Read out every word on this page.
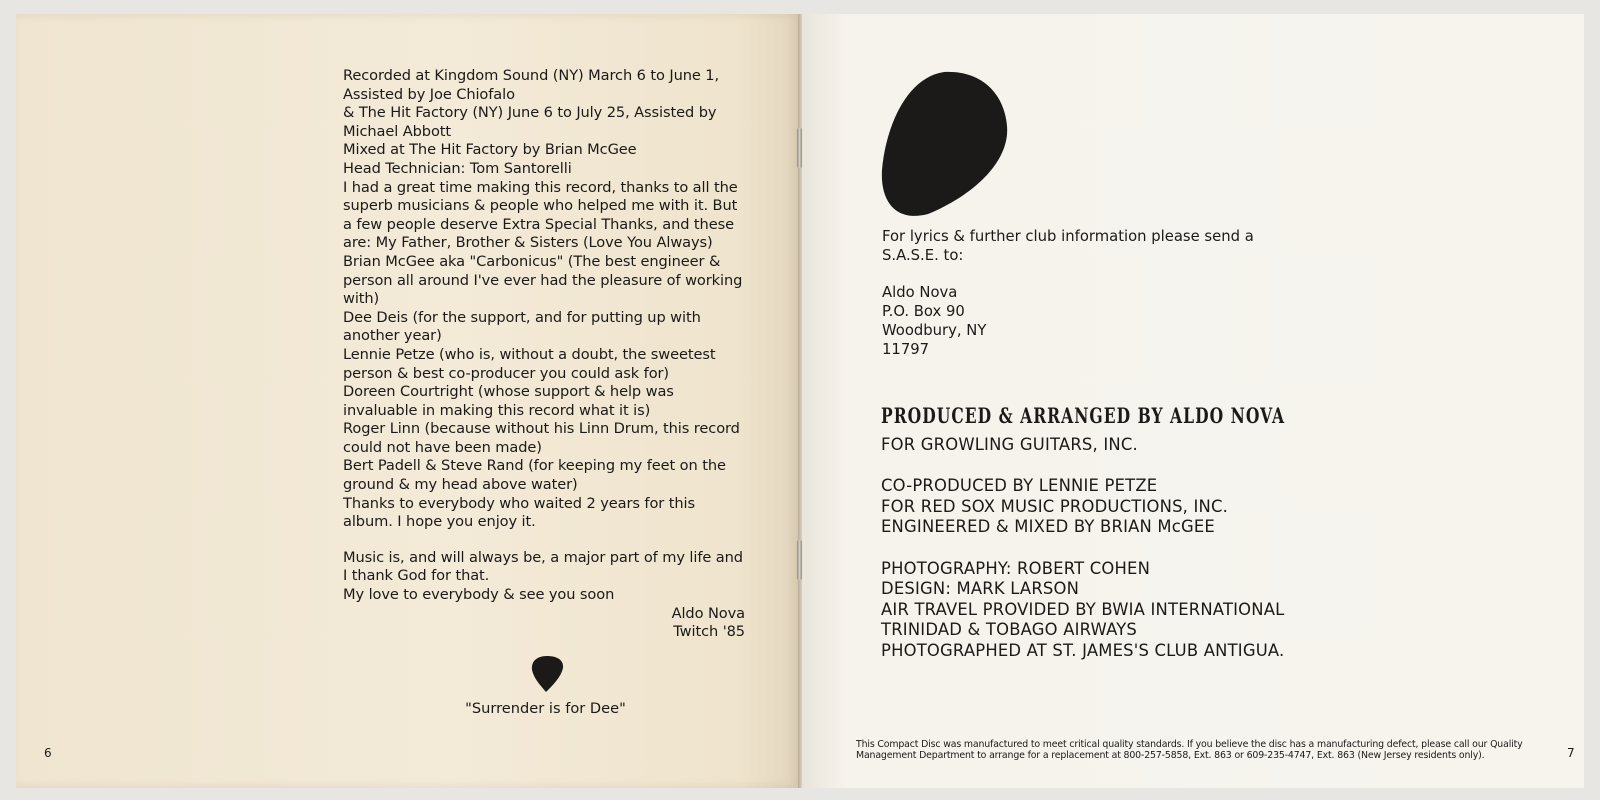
Recorded at Kingdom Sound (NY) March 6 to June 1, Assisted by Joe Chiofalo
& The Hit Factory (NY) June 6 to July 25, Assisted by Michael Abbott
Mixed at The Hit Factory by Brian McGee
Head Technician: Tom Santorelli
I had a great time making this record, thanks to all the superb musicians & people who helped me with it. But a few people deserve Extra Special Thanks, and these are: My Father, Brother & Sisters (Love You Always)
Brian McGee aka "Carbonicus" (The best engineer & person all around I've ever had the pleasure of working with)
Dee Deis (for the support, and for putting up with another year)
Lennie Petze (who is, without a doubt, the sweetest person & best co-producer you could ask for)
Doreen Courtright (whose support & help was invaluable in making this record what it is)
Roger Linn (because without his Linn Drum, this record could not have been made)
Bert Padell & Steve Rand (for keeping my feet on the ground & my head above water)
Thanks to everybody who waited 2 years for this album. I hope you enjoy it.
Music is, and will always be, a major part of my life and I thank God for that.
My love to everybody & see you soon
Aldo Nova
Twitch '85
"Surrender is for Dee"
6
For lyrics & further club information please send a S.A.S.E. to:
Aldo Nova
P.O. Box 90
Woodbury, NY
11797
PRODUCED & ARRANGED BY ALDO NOVA
FOR GROWLING GUITARS, INC.
CO-PRODUCED BY LENNIE PETZE
FOR RED SOX MUSIC PRODUCTIONS, INC.
ENGINEERED & MIXED BY BRIAN McGEE
PHOTOGRAPHY: ROBERT COHEN
DESIGN: MARK LARSON
AIR TRAVEL PROVIDED BY BWIA INTERNATIONAL
TRINIDAD & TOBAGO AIRWAYS
PHOTOGRAPHED AT ST. JAMES'S CLUB ANTIGUA.
This Compact Disc was manufactured to meet critical quality standards. If you believe the disc has a manufacturing defect, please call our Quality Management Department to arrange for a replacement at 800-257-5858, Ext. 863 or 609-235-4747, Ext. 863 (New Jersey residents only).	7
